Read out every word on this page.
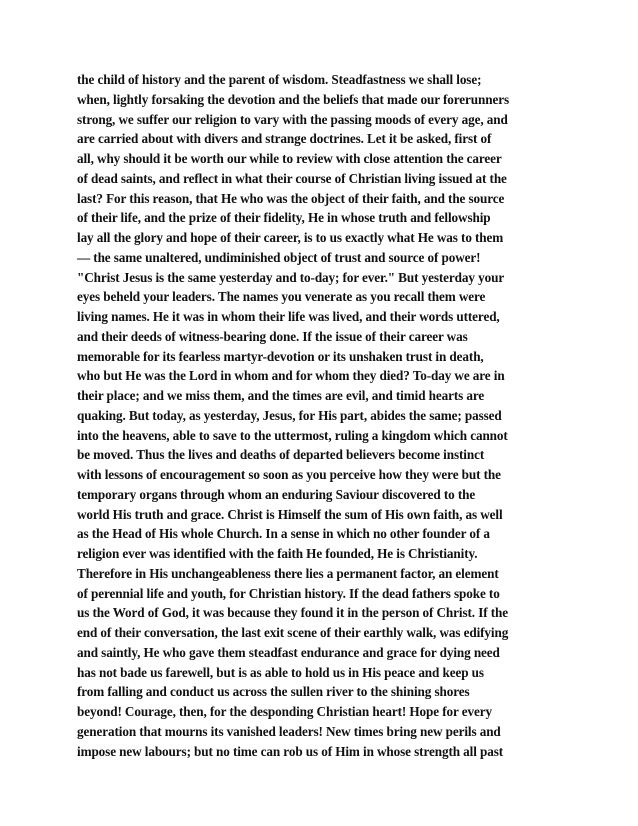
the child of history and the parent of wisdom. Steadfastness we shall lose;
when, lightly forsaking the devotion and the beliefs that made our forerunners
strong, we suffer our religion to vary with the passing moods of every age, and
are carried about with divers and strange doctrines. Let it be asked, first of
all, why should it be worth our while to review with close attention the career
of dead saints, and reflect in what their course of Christian living issued at the
last? For this reason, that He who was the object of their faith, and the source
of their life, and the prize of their fidelity, He in whose truth and fellowship
lay all the glory and hope of their career, is to us exactly what He was to them
— the same unaltered, undiminished object of trust and source of power!
"Christ Jesus is the same yesterday and to-day; for ever." But yesterday your
eyes beheld your leaders. The names you venerate as you recall them were
living names. He it was in whom their life was lived, and their words uttered,
and their deeds of witness-bearing done. If the issue of their career was
memorable for its fearless martyr-devotion or its unshaken trust in death,
who but He was the Lord in whom and for whom they died? To-day we are in
their place; and we miss them, and the times are evil, and timid hearts are
quaking. But today, as yesterday, Jesus, for His part, abides the same; passed
into the heavens, able to save to the uttermost, ruling a kingdom which cannot
be moved. Thus the lives and deaths of departed believers become instinct
with lessons of encouragement so soon as you perceive how they were but the
temporary organs through whom an enduring Saviour discovered to the
world His truth and grace. Christ is Himself the sum of His own faith, as well
as the Head of His whole Church. In a sense in which no other founder of a
religion ever was identified with the faith He founded, He is Christianity.
Therefore in His unchangeableness there lies a permanent factor, an element
of perennial life and youth, for Christian history. If the dead fathers spoke to
us the Word of God, it was because they found it in the person of Christ. If the
end of their conversation, the last exit scene of their earthly walk, was edifying
and saintly, He who gave them steadfast endurance and grace for dying need
has not bade us farewell, but is as able to hold us in His peace and keep us
from falling and conduct us across the sullen river to the shining shores
beyond! Courage, then, for the desponding Christian heart! Hope for every
generation that mourns its vanished leaders! New times bring new perils and
impose new labours; but no time can rob us of Him in whose strength all past
